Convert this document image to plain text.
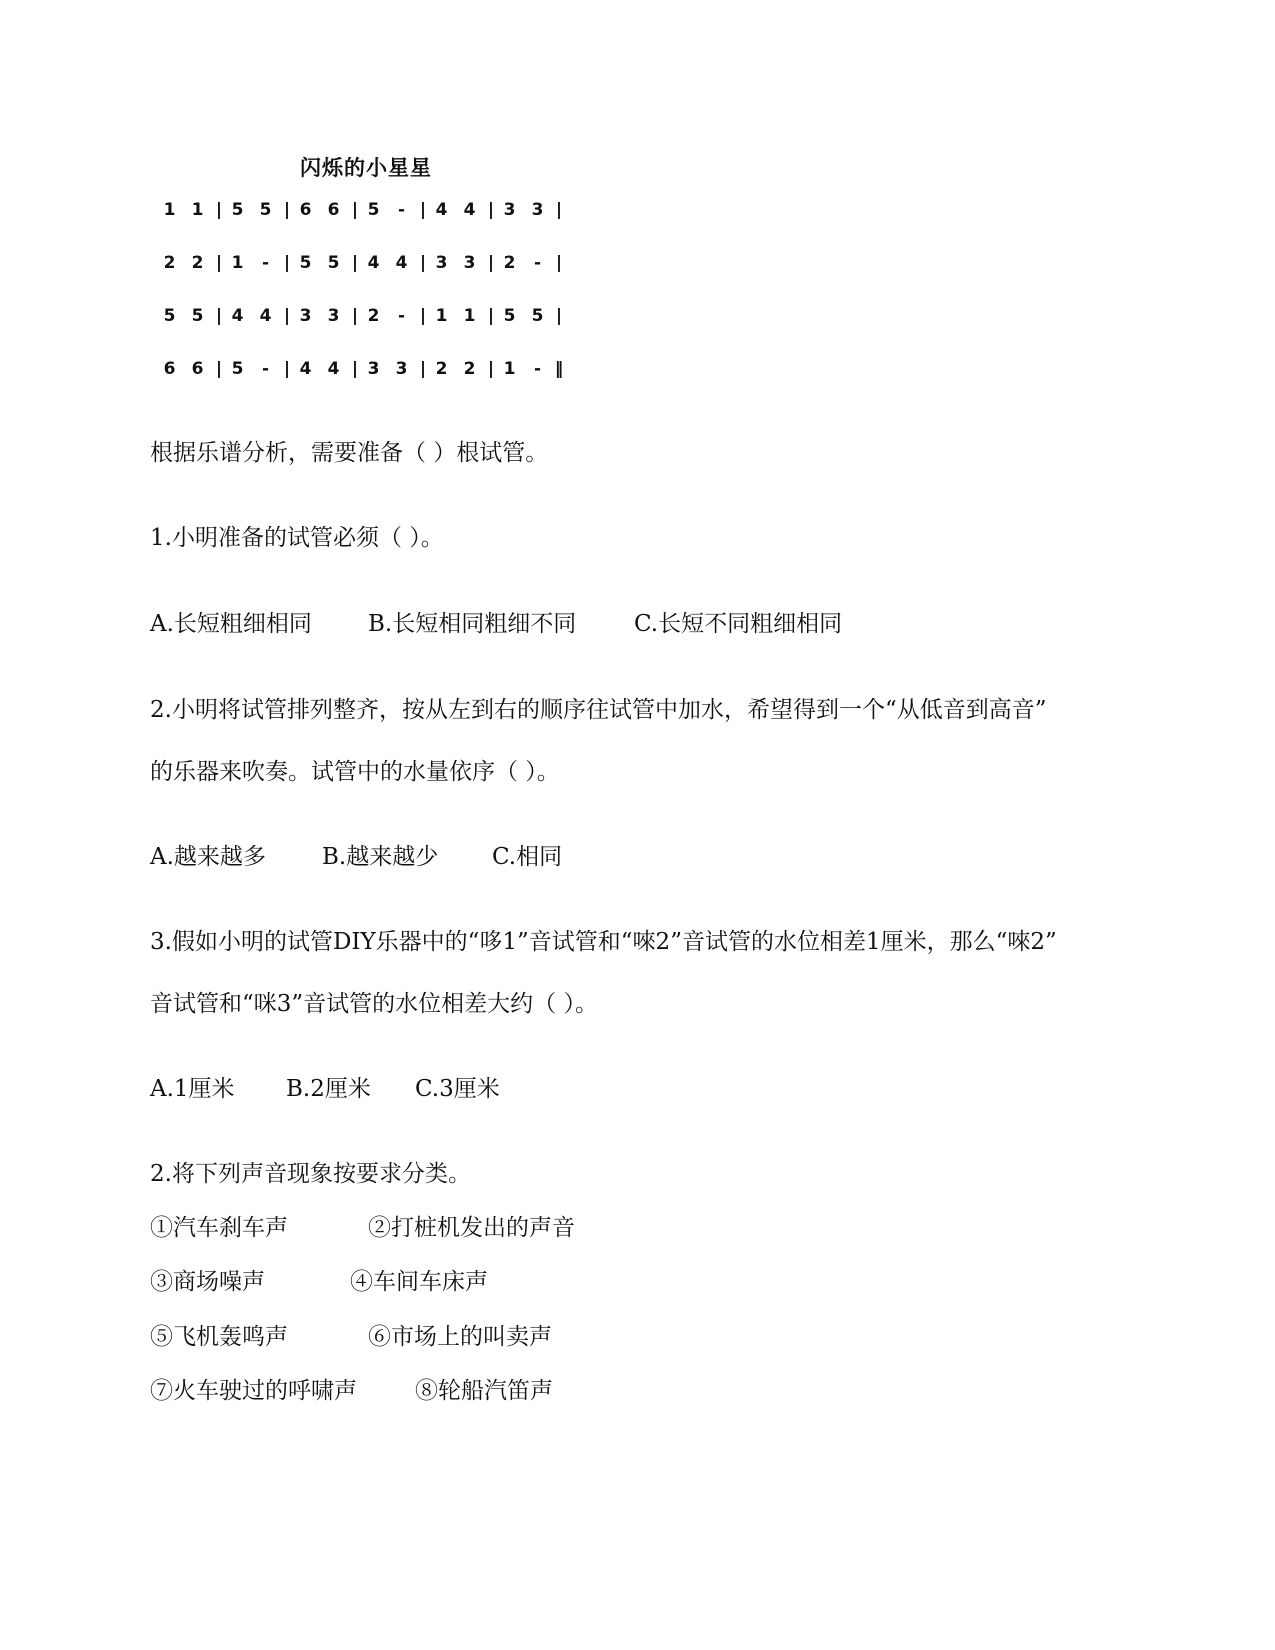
闪烁的小星星
1 1 | 5 5 | 6 6 | 5 - | 4 4 | 3 3 |
2 2 | 1 - | 5 5 | 4 4 | 3 3 | 2 - |
5 5 | 4 4 | 3 3 | 2 - | 1 1 | 5 5 |
6 6 | 5 - | 4 4 | 3 3 | 2 2 | 1 - ‖
根据乐谱分析，需要准备（ ）根试管。
1.小明准备的试管必须（ ）。
A.长短粗细相同 B.长短相同粗细不同	C.长短不同粗细相同
2.小明将试管排列整齐，按从左到右的顺序往试管中加水，希望得到一个“从低音到高音”
的乐器来吹奏。试管中的水量依序（ ）。
A.越来越多 B.越来越少 C.相同
3.假如小明的试管DIY乐器中的“哆1”音试管和“唻2”音试管的水位相差1厘米，那么“唻2”
音试管和“咪3”音试管的水位相差大约（ ）。
A.1厘米 B.2厘米 C.3厘米
2.将下列声音现象按要求分类。
①汽车刹车声	②打桩机发出的声音
③商场噪声	④车间车床声
⑤飞机轰鸣声	⑥市场上的叫卖声
⑦火车驶过的呼啸声	⑧轮船汽笛声
